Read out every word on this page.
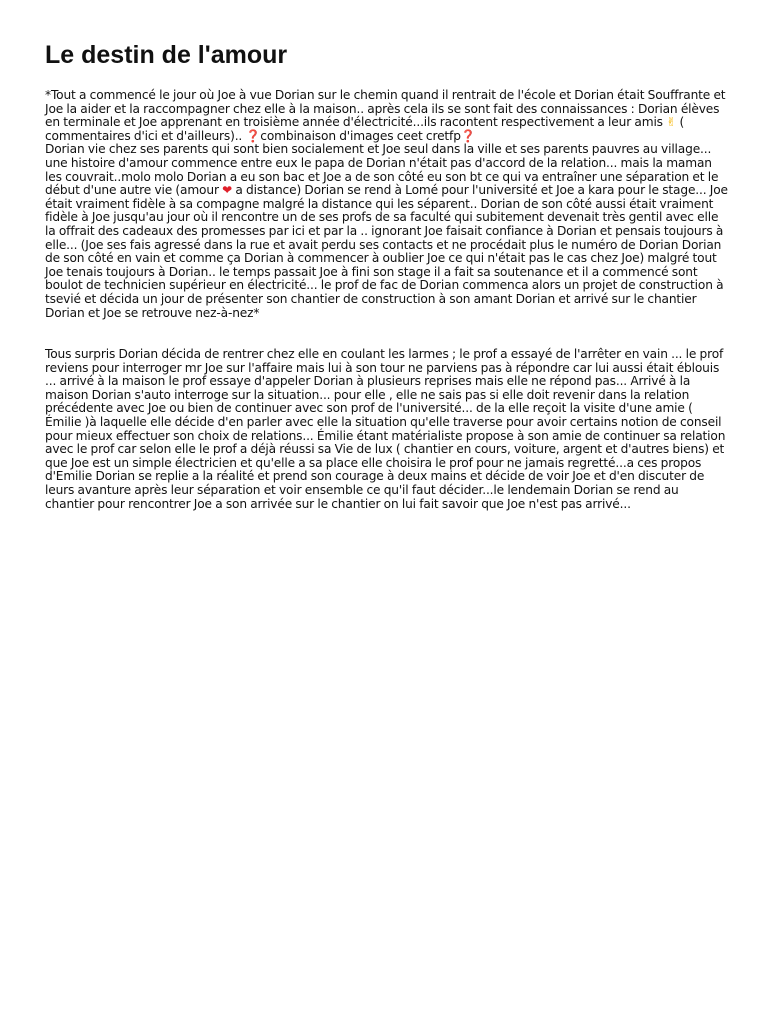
Le destin de l'amour

*Tout a commencé le jour où Joe à vue Dorian sur le chemin quand il rentrait de l'école et Dorian était Souffrante et Joe la aider et la raccompagner chez elle à la maison.. après cela ils se sont fait des connaissances : Dorian élèves en terminale et Joe apprenant en troisième année d'électricité...ils racontent respectivement a leur amis ✌ ( commentaires d'ici et d'ailleurs).. ❓combinaison d'images ceet cretfp❓
Dorian vie chez ses parents qui sont bien socialement et Joe seul dans la ville et ses parents pauvres au village... une histoire d'amour commence entre eux le papa de Dorian n'était pas d'accord de la relation... mais la maman les couvrait..molo molo Dorian a eu son bac et Joe a de son côté eu son bt ce qui va entraîner une séparation et le début d'une autre vie (amour ❤ a distance) Dorian se rend à Lomé pour l'université et Joe a kara pour le stage... Joe était vraiment fidèle à sa compagne malgré la distance qui les séparent.. Dorian de son côté aussi était vraiment fidèle à Joe jusqu'au jour où il rencontre un de ses profs de sa faculté qui subitement devenait très gentil avec elle la offrait des cadeaux des promesses par ici et par la .. ignorant Joe faisait confiance à Dorian et pensais toujours à elle... (Joe ses fais agressé dans la rue et avait perdu ses contacts et ne procédait plus le numéro de Dorian Dorian de son côté en vain et comme ça Dorian à commencer à oublier Joe ce qui n'était pas le cas chez Joe) malgré tout Joe tenais toujours à Dorian.. le temps passait Joe à fini son stage il a fait sa soutenance et il a commencé sont boulot de technicien supérieur en électricité... le prof de fac de Dorian commenca alors un projet de construction à tsevié et décida un jour de présenter son chantier de construction à son amant Dorian et arrivé sur le chantier Dorian et Joe se retrouve nez-à-nez*

Tous surpris Dorian décida de rentrer chez elle en coulant les larmes ; le prof a essayé de l'arrêter en vain ... le prof reviens pour interroger mr Joe sur l'affaire mais lui à son tour ne parviens pas à répondre car lui aussi était éblouis ... arrivé à la maison le prof essaye d'appeler Dorian à plusieurs reprises mais elle ne répond pas... Arrivé à la maison Dorian s'auto interroge sur la situation... pour elle , elle ne sais pas si elle doit revenir dans la relation précédente avec Joe ou bien de continuer avec son prof de l'université... de la elle reçoit la visite d'une amie ( Émilie )à laquelle elle décide d'en parler avec elle la situation qu'elle traverse pour avoir certains notion de conseil pour mieux effectuer son choix de relations... Émilie étant matérialiste propose à son amie de continuer sa relation avec le prof car selon elle le prof a déjà réussi sa Vie de lux ( chantier en cours, voiture, argent et d'autres biens) et que Joe est un simple électricien et qu'elle a sa place elle choisira le prof pour ne jamais regretté...a ces propos d'Emilie Dorian se replie a la réalité et prend son courage à deux mains et décide de voir Joe et d'en discuter de leurs avanture après leur séparation et voir ensemble ce qu'il faut décider...le lendemain Dorian se rend au chantier pour rencontrer Joe a son arrivée sur le chantier on lui fait savoir que Joe n'est pas arrivé...
